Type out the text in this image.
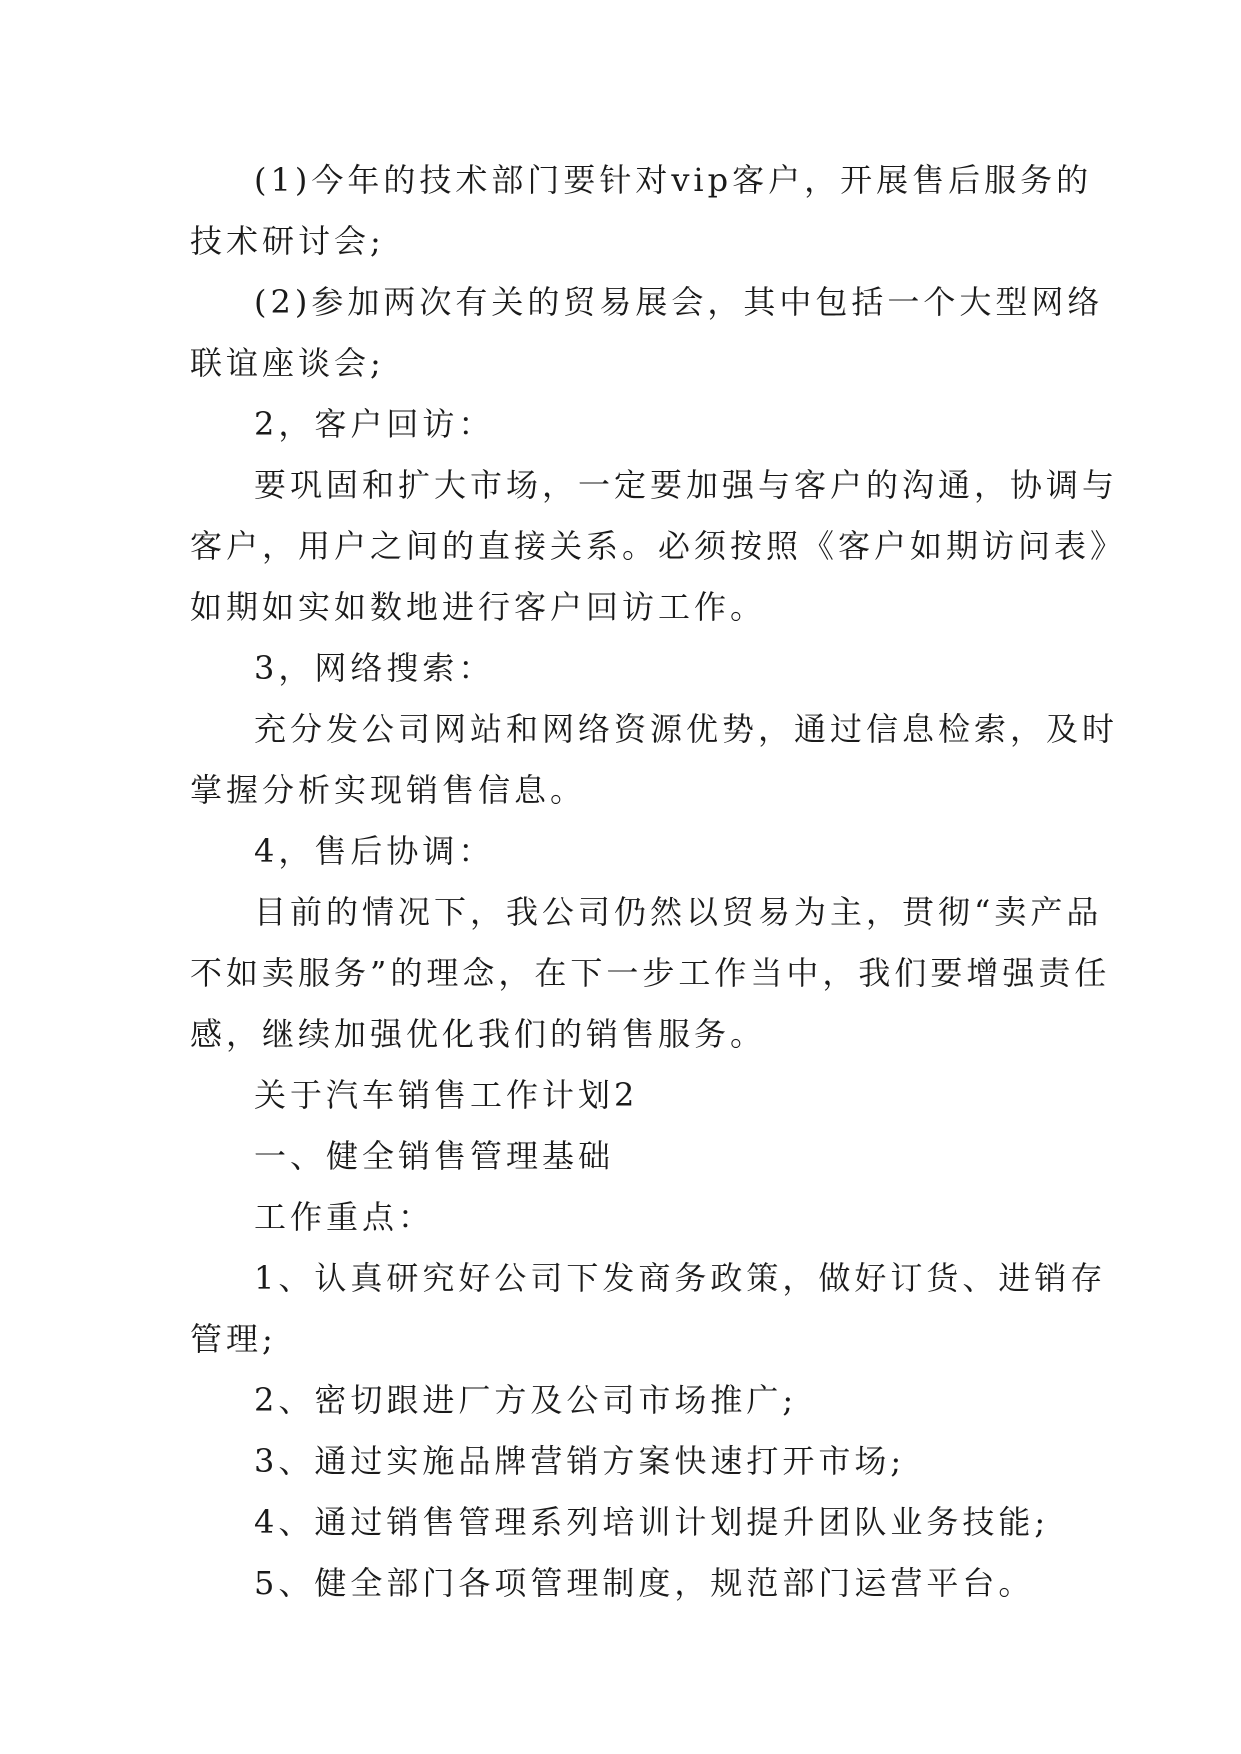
(1)今年的技术部门要针对vip客户，开展售后服务的

技术研讨会;

(2)参加两次有关的贸易展会，其中包括一个大型网络

联谊座谈会;

2，客户回访：

要巩固和扩大市场，一定要加强与客户的沟通，协调与

客户，用户之间的直接关系。必须按照《客户如期访问表》

如期如实如数地进行客户回访工作。

3，网络搜索：

充分发公司网站和网络资源优势，通过信息检索，及时

掌握分析实现销售信息。

4，售后协调：

目前的情况下，我公司仍然以贸易为主，贯彻“卖产品

不如卖服务”的理念，在下一步工作当中，我们要增强责任

感，继续加强优化我们的销售服务。

关于汽车销售工作计划2

一、健全销售管理基础

工作重点：

1、认真研究好公司下发商务政策，做好订货、进销存

管理;

2、密切跟进厂方及公司市场推广;

3、通过实施品牌营销方案快速打开市场;

4、通过销售管理系列培训计划提升团队业务技能;

5、健全部门各项管理制度，规范部门运营平台。
